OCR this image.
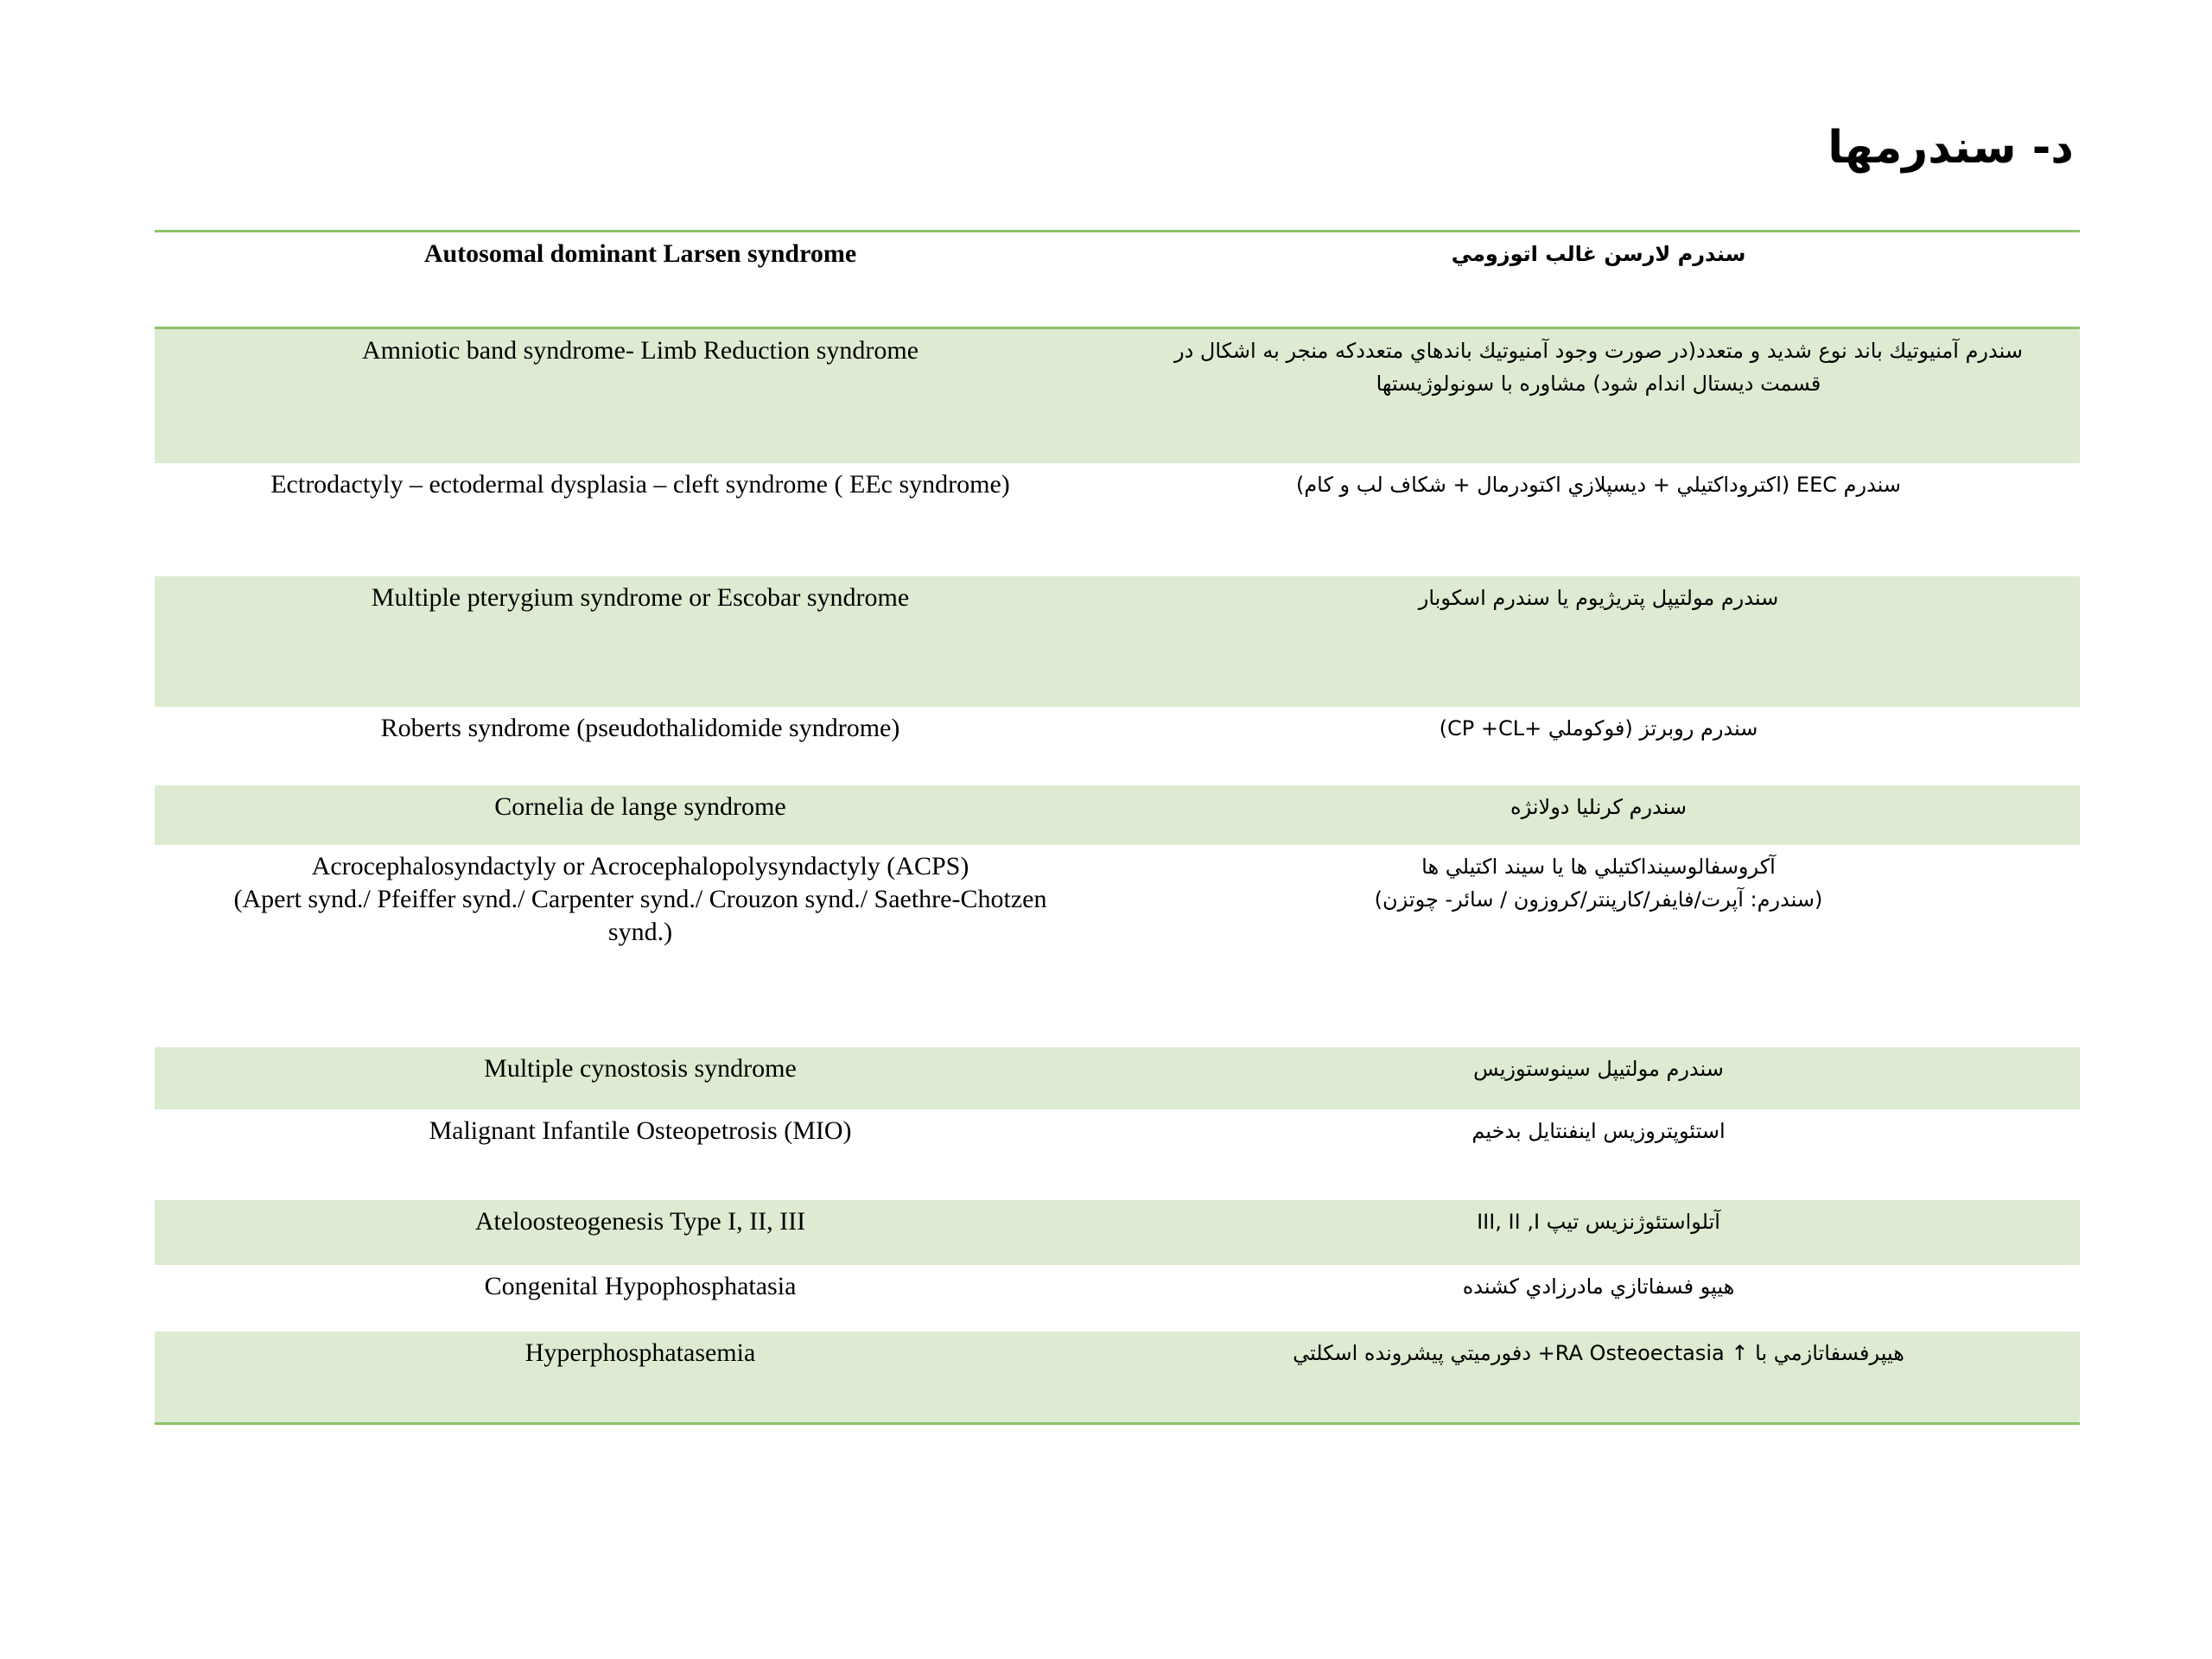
د- سندرمها
Autosomal dominant Larsen syndrome	سندرم لارسن غالب اتوزومي
Amniotic band syndrome- Limb Reduction syndrome	سندرم آمنيوتيك باند نوع شديد و متعدد(در صورت وجود آمنيوتيك باندهاي متعددكه منجر به اشكال در
قسمت ديستال اندام شود) مشاوره با سونولوژيستها
Ectrodactyly – ectodermal dysplasia – cleft syndrome ( EEc syndrome)	سندرم EEC (اكتروداكتيلي + ديسپلازي اكتودرمال + شكاف لب و كام)
Multiple pterygium syndrome or Escobar syndrome	سندرم مولتيپل پتريژيوم يا سندرم اسكوبار
Roberts syndrome (pseudothalidomide syndrome)	سندرم روبرتز (فوكوملي +CP +CL)
Cornelia de lange syndrome	سندرم كرنليا دولانژه
Acrocephalosyndactyly or Acrocephalopolysyndactyly (ACPS)
(Apert synd./ Pfeiffer synd./ Carpenter synd./ Crouzon synd./ Saethre-Chotzen
synd.)
آكروسفالوسينداكتيلي ها يا سيند اكتيلي ها
(سندرم: آپرت/فايفر/كارپنتر/كروزون / سائر- چوتزن)
Multiple cynostosis syndrome	سندرم مولتيپل سينوستوزيس
Malignant Infantile Osteopetrosis (MIO)	استئوپتروزيس اينفنتايل بدخيم
Ateloosteogenesis Type I, II, III	آتلواستئوژنزيس تيپ III, II ,I
Congenital Hypophosphatasia	هيپو فسفاتازي مادرزادي كشنده
Hyperphosphatasemia	هيپرفسفاتازمي با ↑ RA Osteoectasia+ دفورميتي پيشرونده اسكلتي
